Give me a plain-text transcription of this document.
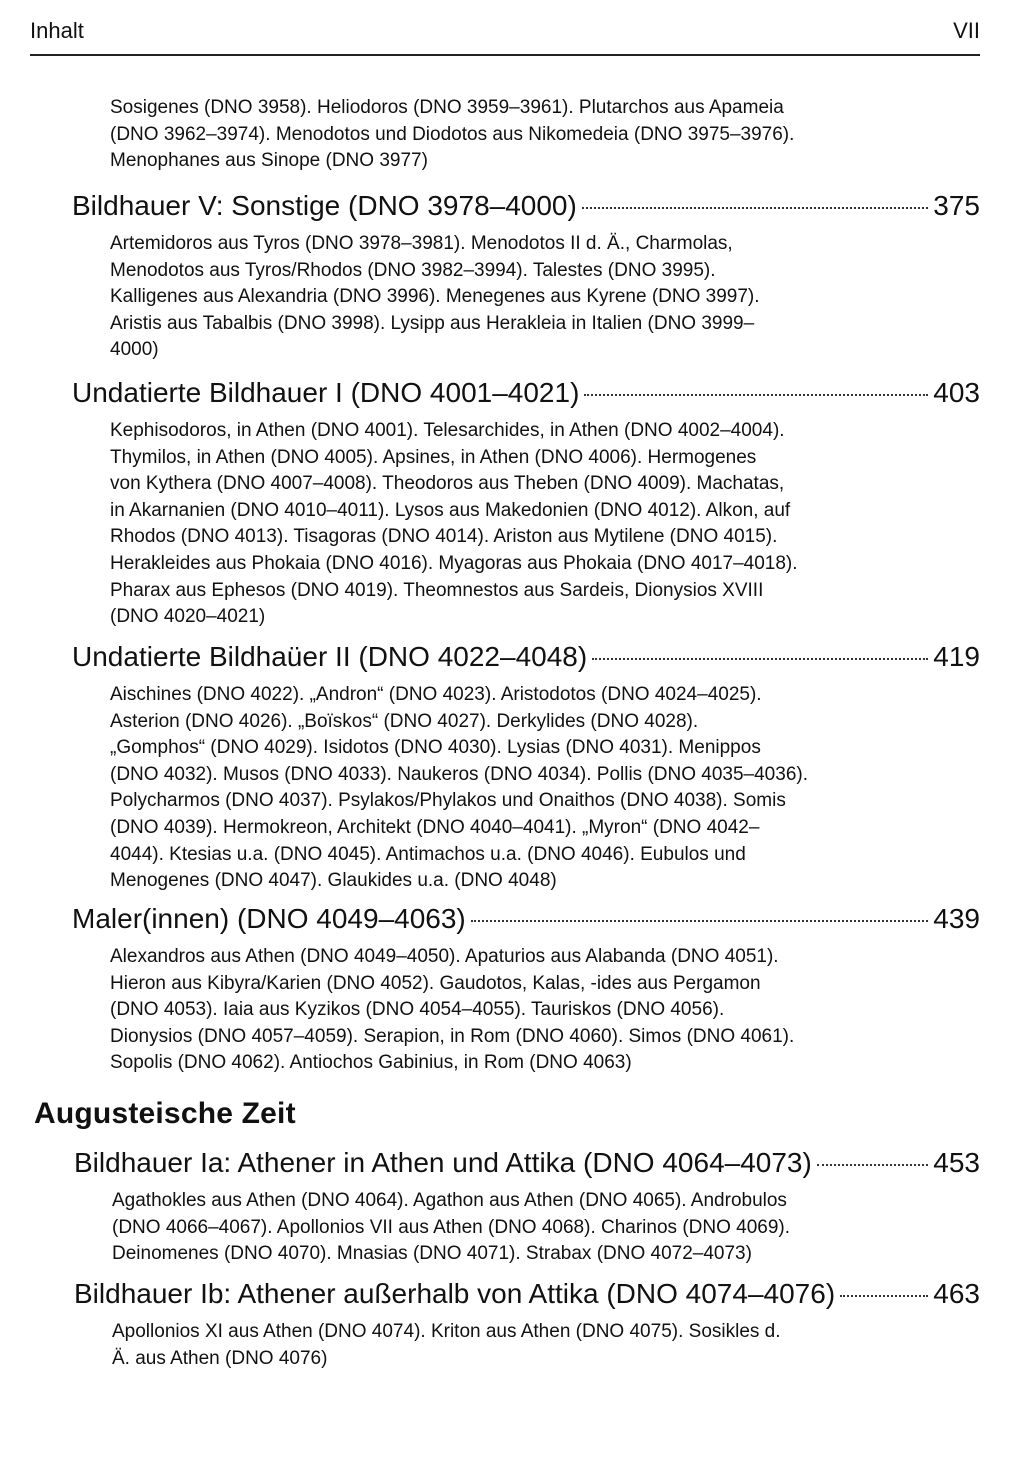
Inhalt	VII
Sosigenes (DNO 3958). Heliodoros (DNO 3959–3961). Plutarchos aus Apameia
(DNO 3962–3974). Menodotos und Diodotos aus Nikomedeia (DNO 3975–3976).
Menophanes aus Sinope (DNO 3977)
Bildhauer V: Sonstige (DNO 3978–4000)	375
Artemidoros aus Tyros (DNO 3978–3981). Menodotos II d. Ä., Charmolas,
Menodotos aus Tyros/Rhodos (DNO 3982–3994). Talestes (DNO 3995).
Kalligenes aus Alexandria (DNO 3996). Menegenes aus Kyrene (DNO 3997).
Aristis aus Tabalbis (DNO 3998). Lysipp aus Herakleia in Italien (DNO 3999–
4000)
Undatierte Bildhauer I (DNO 4001–4021)	403
Kephisodoros, in Athen (DNO 4001). Telesarchides, in Athen (DNO 4002–4004).
Thymilos, in Athen (DNO 4005). Apsines, in Athen (DNO 4006). Hermogenes
von Kythera (DNO 4007–4008). Theodoros aus Theben (DNO 4009). Machatas,
in Akarnanien (DNO 4010–4011). Lysos aus Makedonien (DNO 4012). Alkon, auf
Rhodos (DNO 4013). Tisagoras (DNO 4014). Ariston aus Mytilene (DNO 4015).
Herakleides aus Phokaia (DNO 4016). Myagoras aus Phokaia (DNO 4017–4018).
Pharax aus Ephesos (DNO 4019). Theomnestos aus Sardeis, Dionysios XVIII
(DNO 4020–4021)
Undatierte Bildhaüer II (DNO 4022–4048)	419
Aischines (DNO 4022). „Andron“ (DNO 4023). Aristodotos (DNO 4024–4025).
Asterion (DNO 4026). „Boïskos“ (DNO 4027). Derkylides (DNO 4028).
„Gomphos“ (DNO 4029). Isidotos (DNO 4030). Lysias (DNO 4031). Menippos
(DNO 4032). Musos (DNO 4033). Naukeros (DNO 4034). Pollis (DNO 4035–4036).
Polycharmos (DNO 4037). Psylakos/Phylakos und Onaithos (DNO 4038). Somis
(DNO 4039). Hermokreon, Architekt (DNO 4040–4041). „Myron“ (DNO 4042–
4044). Ktesias u.a. (DNO 4045). Antimachos u.a. (DNO 4046). Eubulos und
Menogenes (DNO 4047). Glaukides u.a. (DNO 4048)
Maler(innen) (DNO 4049–4063)	439
Alexandros aus Athen (DNO 4049–4050). Apaturios aus Alabanda (DNO 4051).
Hieron aus Kibyra/Karien (DNO 4052). Gaudotos, Kalas, -ides aus Pergamon
(DNO 4053). Iaia aus Kyzikos (DNO 4054–4055). Tauriskos (DNO 4056).
Dionysios (DNO 4057–4059). Serapion, in Rom (DNO 4060). Simos (DNO 4061).
Sopolis (DNO 4062). Antiochos Gabinius, in Rom (DNO 4063)
Augusteische Zeit
Bildhauer Ia: Athener in Athen und Attika (DNO 4064–4073)	453
Agathokles aus Athen (DNO 4064). Agathon aus Athen (DNO 4065). Androbulos
(DNO 4066–4067). Apollonios VII aus Athen (DNO 4068). Charinos (DNO 4069).
Deinomenes (DNO 4070). Mnasias (DNO 4071). Strabax (DNO 4072–4073)
Bildhauer Ib: Athener außerhalb von Attika (DNO 4074–4076)	463
Apollonios XI aus Athen (DNO 4074). Kriton aus Athen (DNO 4075). Sosikles d.
Ä. aus Athen (DNO 4076)
